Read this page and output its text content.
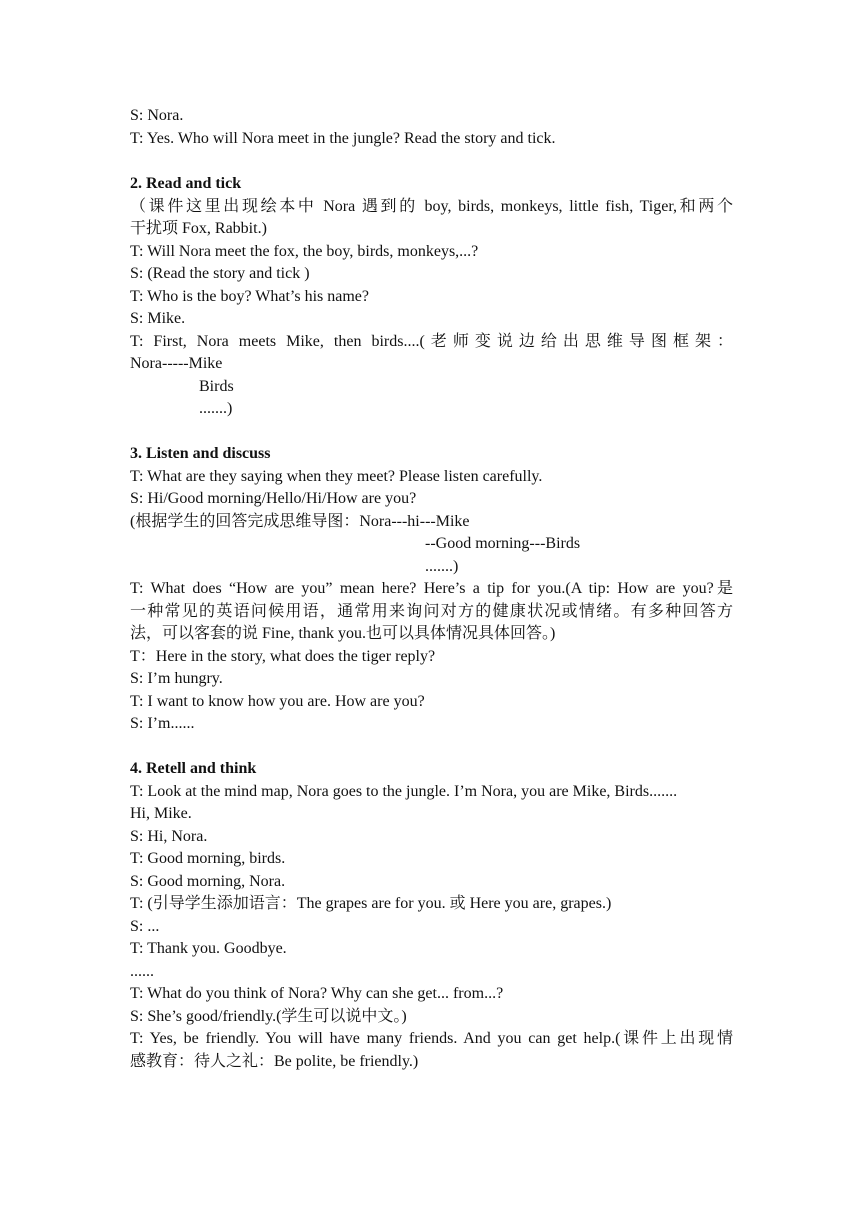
S: Nora.
T: Yes. Who will Nora meet in the jungle? Read the story and tick.
2. Read and tick
（课件这里出现绘本中 Nora 遇到的 boy, birds, monkeys, little fish, Tiger,和两个
干扰项 Fox, Rabbit.)
T: Will Nora meet the fox, the boy, birds, monkeys,...?
S: (Read the story and tick )
T: Who is the boy? What’s his name?
S: Mike.
T: First, Nora meets Mike, then birds....(老师变说边给出思维导图框架：
Nora-----Mike
Birds
.......)
3. Listen and discuss
T: What are they saying when they meet? Please listen carefully.
S: Hi/Good morning/Hello/Hi/How are you?
(根据学生的回答完成思维导图：Nora---hi---Mike
--Good morning---Birds
.......)
T: What does “How are you” mean here? Here’s a tip for you.(A tip: How are you?是
一种常见的英语问候用语，通常用来询问对方的健康状况或情绪。有多种回答方
法，可以客套的说 Fine, thank you.也可以具体情况具体回答。)
T：Here in the story, what does the tiger reply?
S: I’m hungry.
T: I want to know how you are. How are you?
S: I’m......
4. Retell and think
T: Look at the mind map, Nora goes to the jungle. I’m Nora, you are Mike, Birds.......
Hi, Mike.
S: Hi, Nora.
T: Good morning, birds.
S: Good morning, Nora.
T: (引导学生添加语言：The grapes are for you. 或 Here you are, grapes.)
S: ...
T: Thank you. Goodbye.
......
T: What do you think of Nora? Why can she get... from...?
S: She’s good/friendly.(学生可以说中文。)
T: Yes, be friendly. You will have many friends. And you can get help.(课件上出现情
感教育：待人之礼：Be polite, be friendly.)
